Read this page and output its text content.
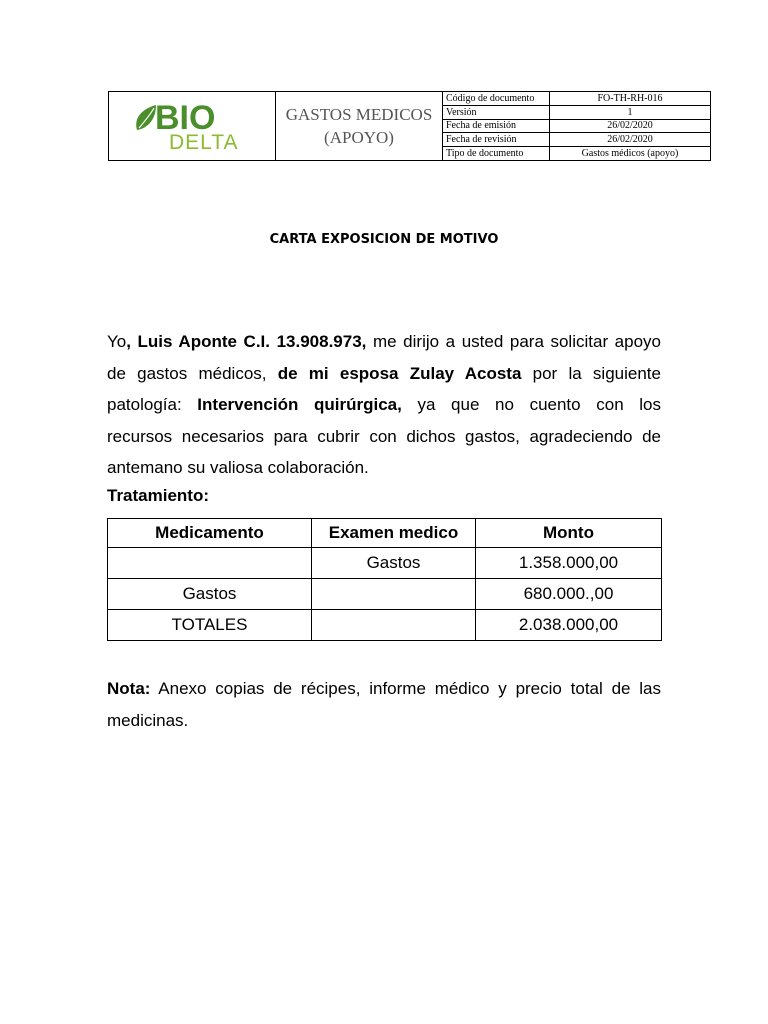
BIO
DELTA

GASTOS MEDICOS
(APOYO)

Código de documento	FO-TH-RH-016
Versión	1
Fecha de emisión	26/02/2020
Fecha de revisión	26/02/2020
Tipo de documento	Gastos médicos (apoyo)
CARTA EXPOSICION DE MOTIVO
Yo, Luis Aponte C.I. 13.908.973, me dirijo a usted para solicitar apoyo
de gastos médicos, de mi esposa Zulay Acosta por la siguiente
patología: Intervención quirúrgica, ya que no cuento con los
recursos necesarios para cubrir con dichos gastos, agradeciendo de
antemano su valiosa colaboración.
Tratamiento:
Medicamento	Examen medico	Monto
	Gastos	1.358.000,00
Gastos		680.000.,00
TOTALES		2.038.000,00
Nota: Anexo copias de récipes, informe médico y precio total de las
medicinas.
